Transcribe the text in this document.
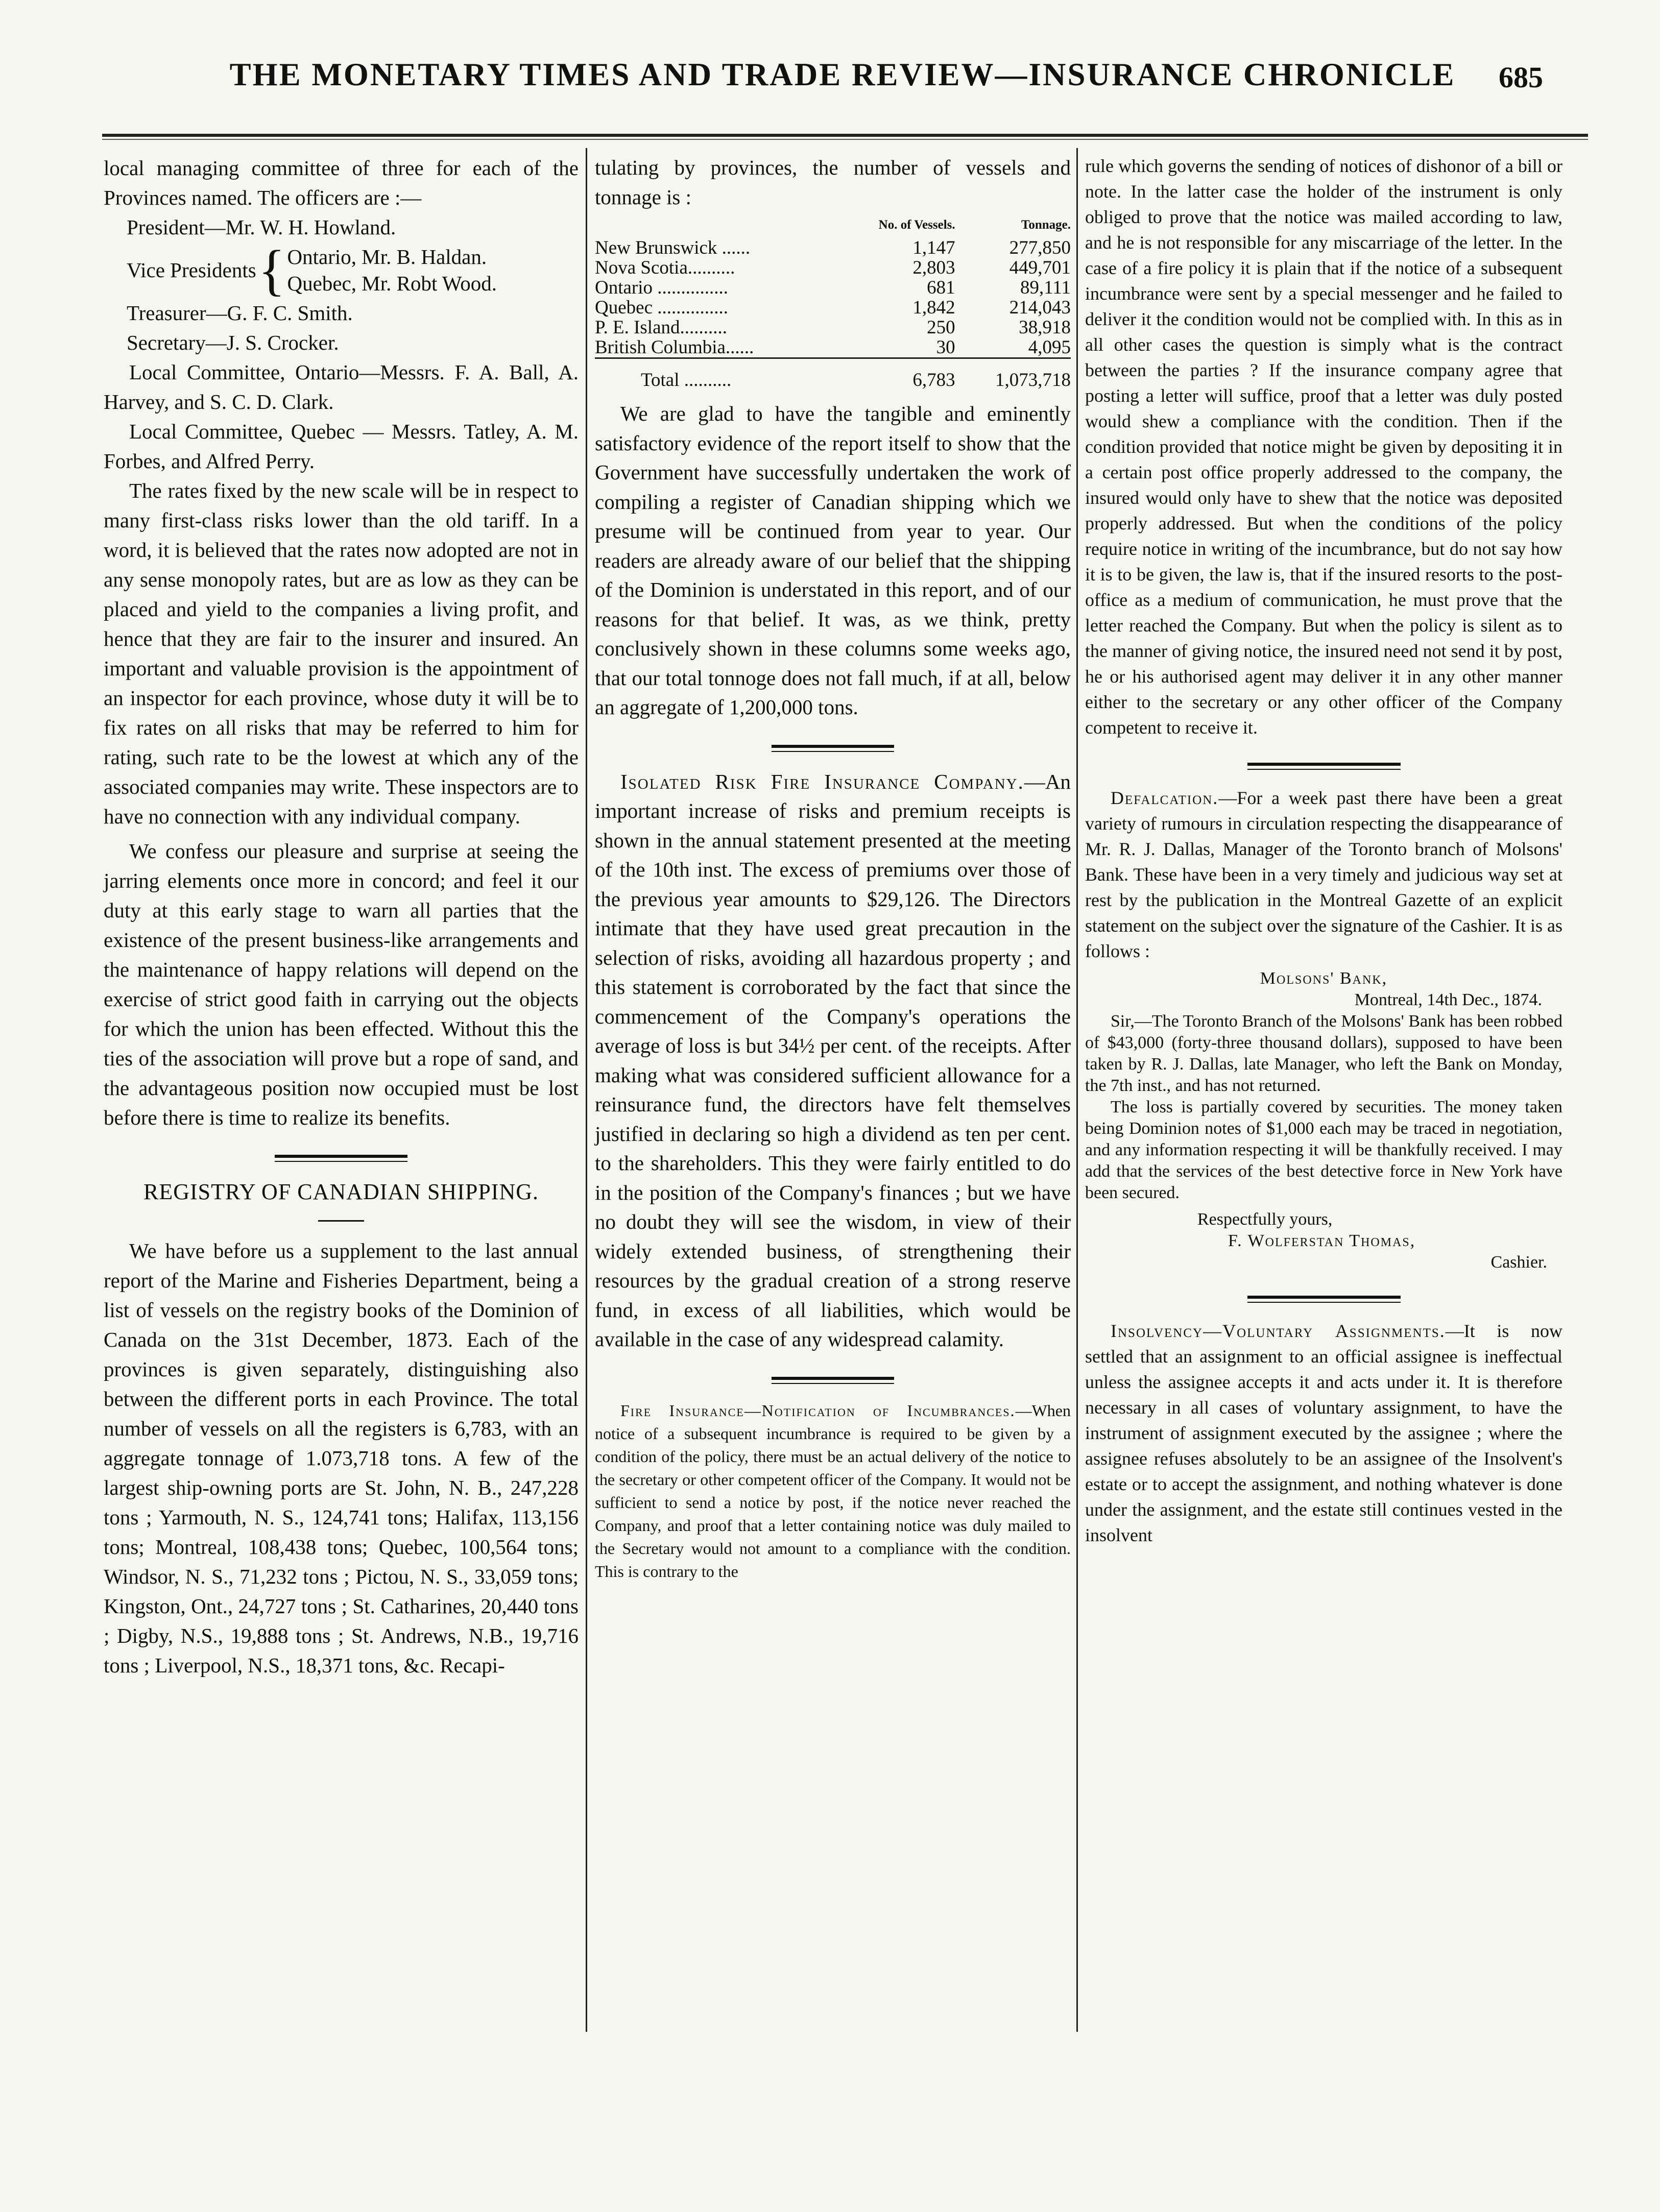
THE MONETARY TIMES AND TRADE REVIEW—INSURANCE CHRONICLE	685

local managing committee of three for each of the Provinces named. The officers are :—

President—Mr. W. H. Howland.

Vice Presidents { Ontario, Mr. B. Haldan.
Quebec, Mr. Robt Wood.

Treasurer—G. F. C. Smith.

Secretary—J. S. Crocker.

Local Committee, Ontario—Messrs. F. A. Ball, A. Harvey, and S. C. D. Clark.

Local Committee, Quebec — Messrs. Tatley, A. M. Forbes, and Alfred Perry.

The rates fixed by the new scale will be in respect to many first-class risks lower than the old tariff. In a word, it is believed that the rates now adopted are not in any sense monopoly rates, but are as low as they can be placed and yield to the companies a living profit, and hence that they are fair to the insurer and insured. An important and valuable provision is the appointment of an inspector for each province, whose duty it will be to fix rates on all risks that may be referred to him for rating, such rate to be the lowest at which any of the associated companies may write. These inspectors are to have no connection with any individual company.

We confess our pleasure and surprise at seeing the jarring elements once more in concord; and feel it our duty at this early stage to warn all parties that the existence of the present business-like arrangements and the maintenance of happy relations will depend on the exercise of strict good faith in carrying out the objects for which the union has been effected. Without this the ties of the association will prove but a rope of sand, and the advantageous position now occupied must be lost before there is time to realize its benefits.

REGISTRY OF CANADIAN SHIPPING.

We have before us a supplement to the last annual report of the Marine and Fisheries Department, being a list of vessels on the registry books of the Dominion of Canada on the 31st December, 1873. Each of the provinces is given separately, distinguishing also between the different ports in each Province. The total number of vessels on all the registers is 6,783, with an aggregate tonnage of 1.073,718 tons. A few of the largest ship-owning ports are St. John, N. B., 247,228 tons ; Yarmouth, N. S., 124,741 tons; Halifax, 113,156 tons; Montreal, 108,438 tons; Quebec, 100,564 tons; Windsor, N. S., 71,232 tons ; Pictou, N. S., 33,059 tons; Kingston, Ont., 24,727 tons ; St. Catharines, 20,440 tons ; Digby, N.S., 19,888 tons ; St. Andrews, N.B., 19,716 tons ; Liverpool, N.S., 18,371 tons, &c. Recapi-

tulating by provinces, the number of vessels and tonnage is :

	No. of Vessels.	Tonnage.
New Brunswick ......	1,147	277,850
Nova Scotia..........	2,803	449,701
Ontario ...............	681	89,111
Quebec ...............	1,842	214,043
P. E. Island..........	250	38,918
British Columbia......	30	4,095
Total ..........	6,783	1,073,718

We are glad to have the tangible and eminently satisfactory evidence of the report itself to show that the Government have successfully undertaken the work of compiling a register of Canadian shipping which we presume will be continued from year to year. Our readers are already aware of our belief that the shipping of the Dominion is understated in this report, and of our reasons for that belief. It was, as we think, pretty conclusively shown in these columns some weeks ago, that our total tonnoge does not fall much, if at all, below an aggregate of 1,200,000 tons.

Isolated Risk Fire Insurance Company.—An important increase of risks and premium receipts is shown in the annual statement presented at the meeting of the 10th inst. The excess of premiums over those of the previous year amounts to $29,126. The Directors intimate that they have used great precaution in the selection of risks, avoiding all hazardous property ; and this statement is corroborated by the fact that since the commencement of the Company's operations the average of loss is but 34½ per cent. of the receipts. After making what was considered sufficient allowance for a reinsurance fund, the directors have felt themselves justified in declaring so high a dividend as ten per cent. to the shareholders. This they were fairly entitled to do in the position of the Company's finances ; but we have no doubt they will see the wisdom, in view of their widely extended business, of strengthening their resources by the gradual creation of a strong reserve fund, in excess of all liabilities, which would be available in the case of any widespread calamity.

Fire Insurance—Notification of Incumbrances.—When notice of a subsequent incumbrance is required to be given by a condition of the policy, there must be an actual delivery of the notice to the secretary or other competent officer of the Company. It would not be sufficient to send a notice by post, if the notice never reached the Company, and proof that a letter containing notice was duly mailed to the Secretary would not amount to a compliance with the condition. This is contrary to the

rule which governs the sending of notices of dishonor of a bill or note. In the latter case the holder of the instrument is only obliged to prove that the notice was mailed according to law, and he is not responsible for any miscarriage of the letter. In the case of a fire policy it is plain that if the notice of a subsequent incumbrance were sent by a special messenger and he failed to deliver it the condition would not be complied with. In this as in all other cases the question is simply what is the contract between the parties ? If the insurance company agree that posting a letter will suffice, proof that a letter was duly posted would shew a compliance with the condition. Then if the condition provided that notice might be given by depositing it in a certain post office properly addressed to the company, the insured would only have to shew that the notice was deposited properly addressed. But when the conditions of the policy require notice in writing of the incumbrance, but do not say how it is to be given, the law is, that if the insured resorts to the post-office as a medium of communication, he must prove that the letter reached the Company. But when the policy is silent as to the manner of giving notice, the insured need not send it by post, he or his authorised agent may deliver it in any other manner either to the secretary or any other officer of the Company competent to receive it.

Defalcation.—For a week past there have been a great variety of rumours in circulation respecting the disappearance of Mr. R. J. Dallas, Manager of the Toronto branch of Molsons' Bank. These have been in a very timely and judicious way set at rest by the publication in the Montreal Gazette of an explicit statement on the subject over the signature of the Cashier. It is as follows :

Molsons' Bank,

Montreal, 14th Dec., 1874.

Sir,—The Toronto Branch of the Molsons' Bank has been robbed of $43,000 (forty-three thousand dollars), supposed to have been taken by R. J. Dallas, late Manager, who left the Bank on Monday, the 7th inst., and has not returned.

The loss is partially covered by securities. The money taken being Dominion notes of $1,000 each may be traced in negotiation, and any information respecting it will be thankfully received. I may add that the services of the best detective force in New York have been secured.

Respectfully yours,

F. Wolferstan Thomas,

Cashier.

Insolvency—Voluntary Assignments.—It is now settled that an assignment to an official assignee is ineffectual unless the assignee accepts it and acts under it. It is therefore necessary in all cases of voluntary assignment, to have the instrument of assignment executed by the assignee ; where the assignee refuses absolutely to be an assignee of the Insolvent's estate or to accept the assignment, and nothing whatever is done under the assignment, and the estate still continues vested in the insolvent
